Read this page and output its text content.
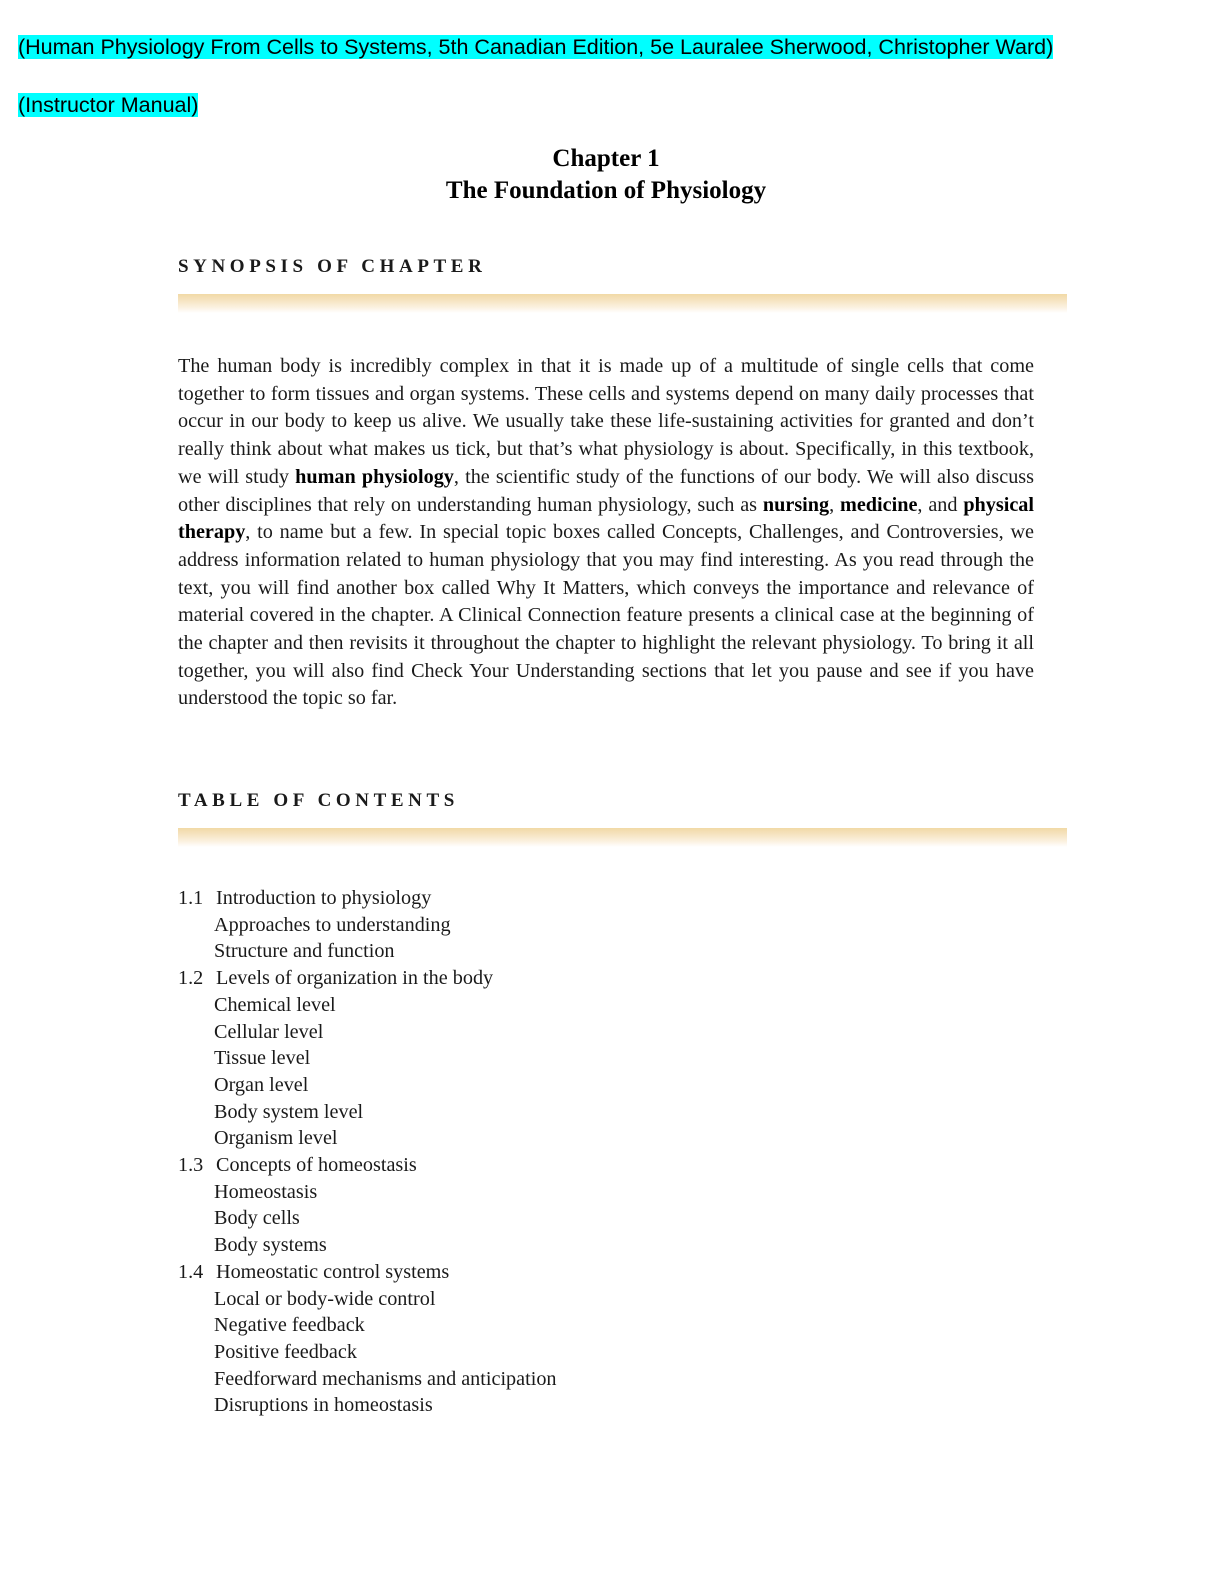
(Human Physiology From Cells to Systems, 5th Canadian Edition, 5e Lauralee Sherwood, Christopher Ward)
(Instructor Manual)
Chapter 1
The Foundation of Physiology
SYNOPSIS OF CHAPTER

The human body is incredibly complex in that it is made up of a multitude of single cells that come together to form tissues and organ systems. These cells and systems depend on many daily processes that occur in our body to keep us alive. We usually take these life-sustaining activities for granted and don’t really think about what makes us tick, but that’s what physiology is about. Specifically, in this textbook, we will study human physiology, the scientific study of the functions of our body. We will also discuss other disciplines that rely on understanding human physiology, such as nursing, medicine, and physical therapy, to name but a few. In special topic boxes called Concepts, Challenges, and Controversies, we address information related to human physiology that you may find interesting. As you read through the text, you will find another box called Why It Matters, which conveys the importance and relevance of material covered in the chapter. A Clinical Connection feature presents a clinical case at the beginning of the chapter and then revisits it throughout the chapter to highlight the relevant physiology. To bring it all together, you will also find Check Your Understanding sections that let you pause and see if you have understood the topic so far.

TABLE OF CONTENTS
1.1 Introduction to physiology
Approaches to understanding
Structure and function
1.2 Levels of organization in the body
Chemical level
Cellular level
Tissue level
Organ level
Body system level
Organism level
1.3 Concepts of homeostasis
Homeostasis
Body cells
Body systems
1.4 Homeostatic control systems
Local or body-wide control
Negative feedback
Positive feedback
Feedforward mechanisms and anticipation
Disruptions in homeostasis
